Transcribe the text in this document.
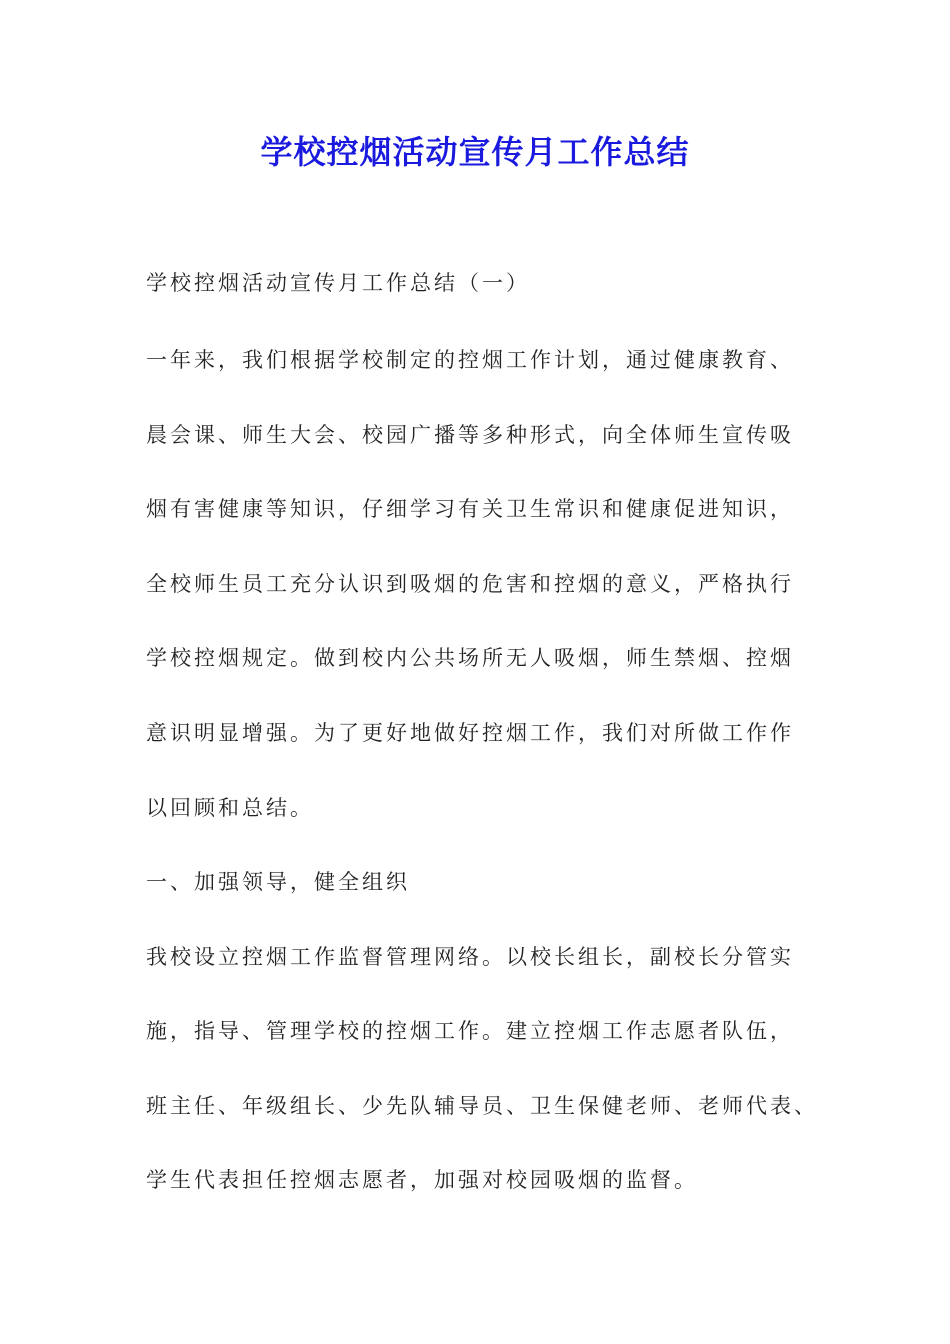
学校控烟活动宣传月工作总结

学校控烟活动宣传月工作总结（一）

一年来，我们根据学校制定的控烟工作计划，通过健康教育、

晨会课、师生大会、校园广播等多种形式，向全体师生宣传吸

烟有害健康等知识，仔细学习有关卫生常识和健康促进知识，

全校师生员工充分认识到吸烟的危害和控烟的意义，严格执行

学校控烟规定。做到校内公共场所无人吸烟，师生禁烟、控烟

意识明显增强。为了更好地做好控烟工作，我们对所做工作作

以回顾和总结。

一、加强领导，健全组织

我校设立控烟工作监督管理网络。以校长组长，副校长分管实

施，指导、管理学校的控烟工作。建立控烟工作志愿者队伍，

班主任、年级组长、少先队辅导员、卫生保健老师、老师代表、

学生代表担任控烟志愿者，加强对校园吸烟的监督。
